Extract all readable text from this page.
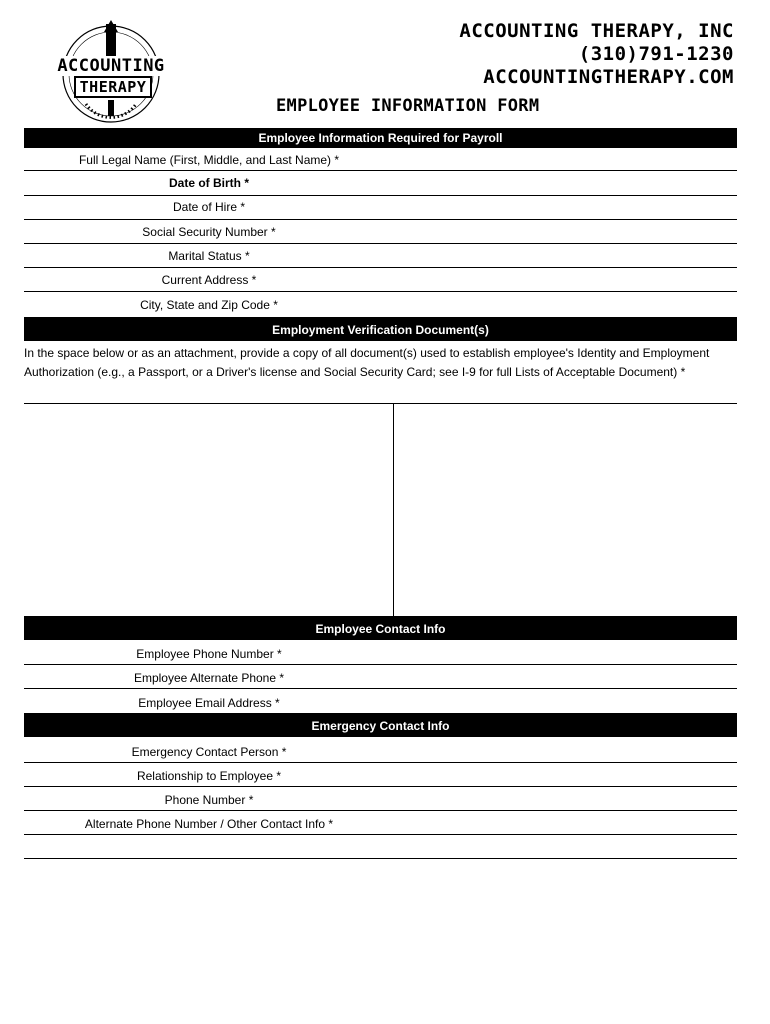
ACCOUNTING
THERAPY
ACCOUNTING THERAPY, INC
(310)791-1230
ACCOUNTINGTHERAPY.COM
EMPLOYEE INFORMATION FORM
Employee Information Required for Payroll
Full Legal Name (First, Middle, and Last Name) *
Date of Birth *
Date of Hire *
Social Security Number *
Marital Status *
Current Address *
City, State and Zip Code *
Employment Verification Document(s)
In the space below or as an attachment, provide a copy of all document(s) used to establish employee's Identity and Employment Authorization (e.g., a Passport, or a Driver's license and Social Security Card; see I-9 for full Lists of Acceptable Document) *
Employee Contact Info
Employee Phone Number *
Employee Alternate Phone *
Employee Email Address *
Emergency Contact Info
Emergency Contact Person *
Relationship to Employee *
Phone Number *
Alternate Phone Number / Other Contact Info *
